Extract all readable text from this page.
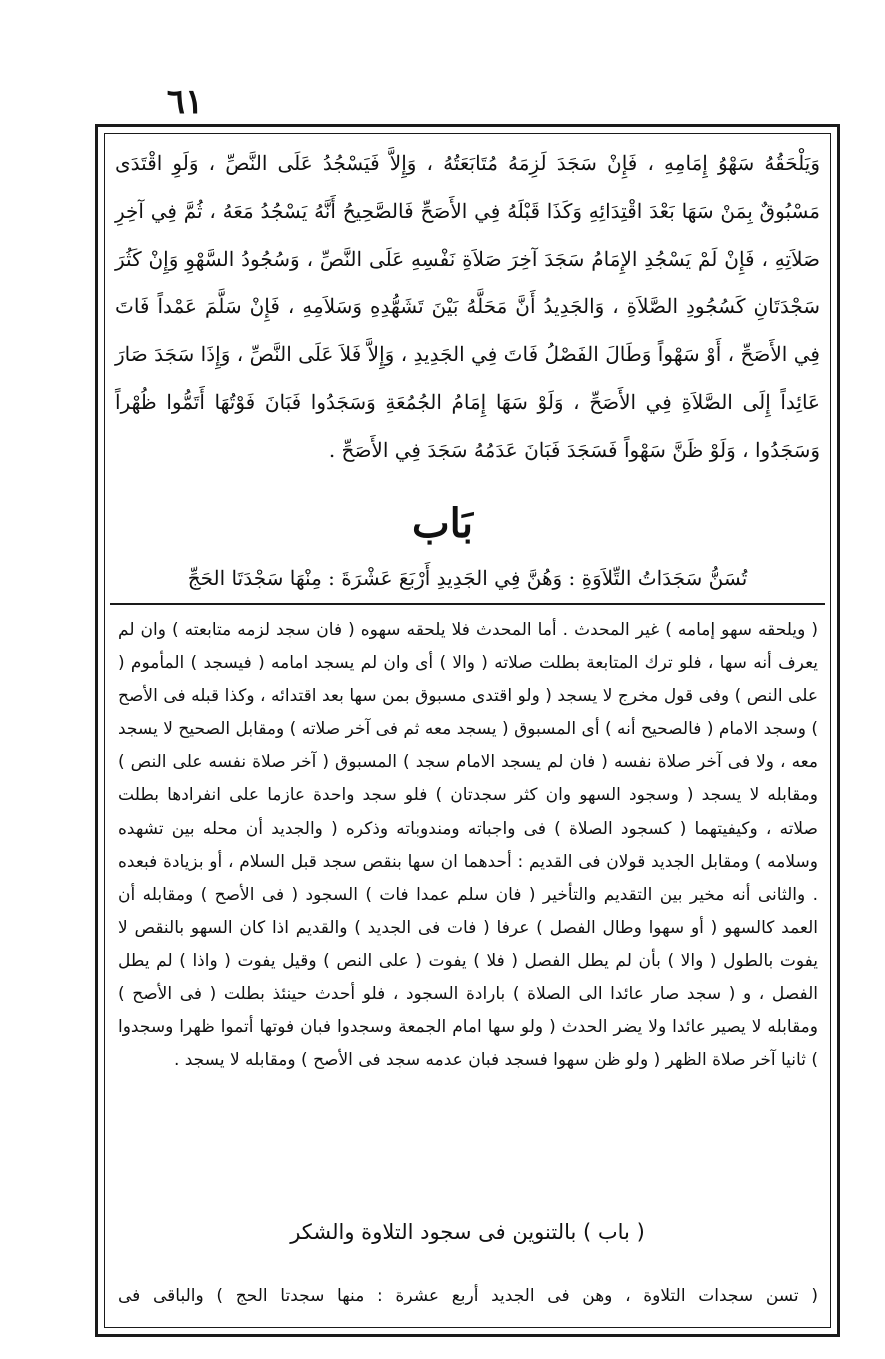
٦١

وَيَلْحَقُهُ سَهْوُ إِمَامِهِ ، فَإِنْ سَجَدَ لَزِمَهُ مُتَابَعَتُهُ ، وَإِلاَّ فَيَسْجُدُ عَلَى النَّصِّ ، وَلَوِ اقْتَدَى مَسْبُوقٌ بِمَنْ سَهَا بَعْدَ اقْتِدَائِهِ وَكَذَا قَبْلَهُ فِي الأَصَحِّ فَالصَّحِيحُ أَنَّهُ يَسْجُدُ مَعَهُ ، ثُمَّ فِي آخِرِ صَلاَتِهِ ، فَإِنْ لَمْ يَسْجُدِ الإِمَامُ سَجَدَ آخِرَ صَلاَةِ نَفْسِهِ عَلَى النَّصِّ ، وَسُجُودُ السَّهْوِ وَإِنْ كَثُرَ سَجْدَتَانِ كَسُجُودِ الصَّلاَةِ ، وَالجَدِيدُ أَنَّ مَحَلَّهُ بَيْنَ تَشَهُّدِهِ وَسَلاَمِهِ ، فَإِنْ سَلَّمَ عَمْداً فَاتَ فِي الأَصَحِّ ، أَوْ سَهْواً وَطَالَ الفَصْلُ فَاتَ فِي الجَدِيدِ ، وَإِلاَّ فَلاَ عَلَى النَّصِّ ، وَإِذَا سَجَدَ صَارَ عَائِداً إِلَى الصَّلاَةِ فِي الأَصَحِّ ، وَلَوْ سَهَا إِمَامُ الجُمُعَةِ وَسَجَدُوا فَبَانَ فَوْتُهَا أَتَمُّوا ظُهْراً وَسَجَدُوا ، وَلَوْ ظَنَّ سَهْواً فَسَجَدَ فَبَانَ عَدَمُهُ سَجَدَ فِي الأَصَحِّ .

بَاب
تُسَنُّ سَجَدَاتُ التِّلاَوَةِ : وَهُنَّ فِي الجَدِيدِ أَرْبَعَ عَشْرَةَ : مِنْهَا سَجْدَتَا الحَجِّ

( ويلحقه سهو إمامه ) غير المحدث . أما المحدث فلا يلحقه سهوه ( فان سجد لزمه متابعته ) وان لم يعرف أنه سها ، فلو ترك المتابعة بطلت صلاته ( والا ) أى وان لم يسجد امامه ( فيسجد ) المأموم ( على النص ) وفى قول مخرج لا يسجد ( ولو اقتدى مسبوق بمن سها بعد اقتدائه ، وكذا قبله فى الأصح ) وسجد الامام ( فالصحيح أنه ) أى المسبوق ( يسجد معه ثم فى آخر صلاته ) ومقابل الصحيح لا يسجد معه ، ولا فى آخر صلاة نفسه ( فان لم يسجد الامام سجد ) المسبوق ( آخر صلاة نفسه على النص ) ومقابله لا يسجد ( وسجود السهو وان كثر سجدتان ) فلو سجد واحدة عازما على انفرادها بطلت صلاته ، وكيفيتهما ( كسجود الصلاة ) فى واجباته ومندوباته وذكره ( والجديد أن محله بين تشهده وسلامه ) ومقابل الجديد قولان فى القديم : أحدهما ان سها بنقص سجد قبل السلام ، أو بزيادة فبعده . والثانى أنه مخير بين التقديم والتأخير ( فان سلم عمدا فات ) السجود ( فى الأصح ) ومقابله أن العمد كالسهو ( أو سهوا وطال الفصل ) عرفا ( فات فى الجديد ) والقديم اذا كان السهو بالنقص لا يفوت بالطول ( والا ) بأن لم يطل الفصل ( فلا ) يفوت ( على النص ) وقيل يفوت ( واذا ) لم يطل الفصل ، و ( سجد صار عائدا الى الصلاة ) بارادة السجود ، فلو أحدث حينئذ بطلت ( فى الأصح ) ومقابله لا يصير عائدا ولا يضر الحدث ( ولو سها امام الجمعة وسجدوا فبان فوتها أتموا ظهرا وسجدوا ) ثانيا آخر صلاة الظهر ( ولو ظن سهوا فسجد فبان عدمه سجد فى الأصح ) ومقابله لا يسجد .

( باب ) بالتنوين فى سجود التلاوة والشكر
( تسن سجدات التلاوة ، وهن فى الجديد أربع عشرة : منها سجدتا الحج ) والباقى فى
